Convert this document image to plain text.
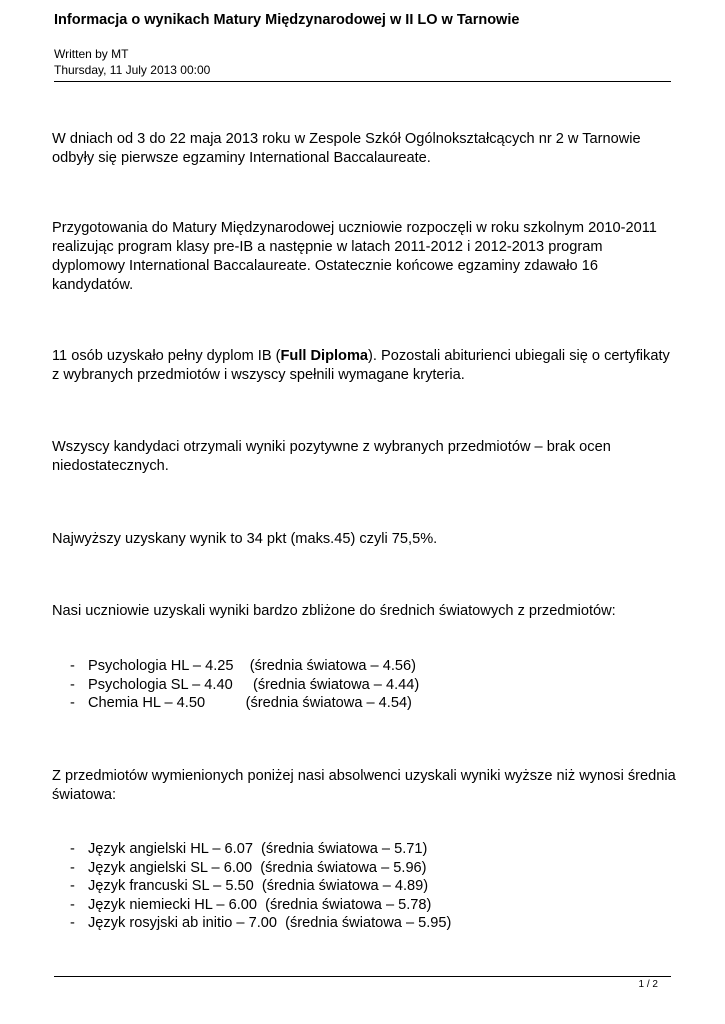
Informacja o wynikach Matury Międzynarodowej w II LO w Tarnowie
Written by MT
Thursday, 11 July 2013 00:00

W dniach od 3 do 22 maja 2013 roku w Zespole Szkół Ogólnokształcących nr 2 w Tarnowie odbyły się pierwsze egzaminy International Baccalaureate.

Przygotowania do Matury Międzynarodowej uczniowie rozpoczęli w roku szkolnym 2010-2011 realizując program klasy pre-IB a następnie w latach 2011-2012 i 2012-2013 program dyplomowy International Baccalaureate. Ostatecznie końcowe egzaminy zdawało 16 kandydatów.

11 osób uzyskało pełny dyplom IB (Full Diploma). Pozostali abiturienci ubiegali się o certyfikaty z wybranych przedmiotów i wszyscy spełnili wymagane kryteria.

Wszyscy kandydaci otrzymali wyniki pozytywne z wybranych przedmiotów – brak ocen niedostatecznych.

Najwyższy uzyskany wynik to 34 pkt (maks.45) czyli 75,5%.

Nasi uczniowie uzyskali wyniki bardzo zbliżone do średnich światowych z przedmiotów:

- Psychologia HL – 4.25    (średnia światowa – 4.56)
- Psychologia SL – 4.40     (średnia światowa – 4.44)
- Chemia HL – 4.50          (średnia światowa – 4.54)

Z przedmiotów wymienionych poniżej nasi absolwenci uzyskali wyniki wyższe niż wynosi średnia światowa:

- Język angielski HL – 6.07  (średnia światowa – 5.71)
- Język angielski SL – 6.00  (średnia światowa – 5.96)
- Język francuski SL – 5.50  (średnia światowa – 4.89)
- Język niemiecki HL – 6.00  (średnia światowa – 5.78)
- Język rosyjski ab initio – 7.00  (średnia światowa – 5.95)
1 / 2
